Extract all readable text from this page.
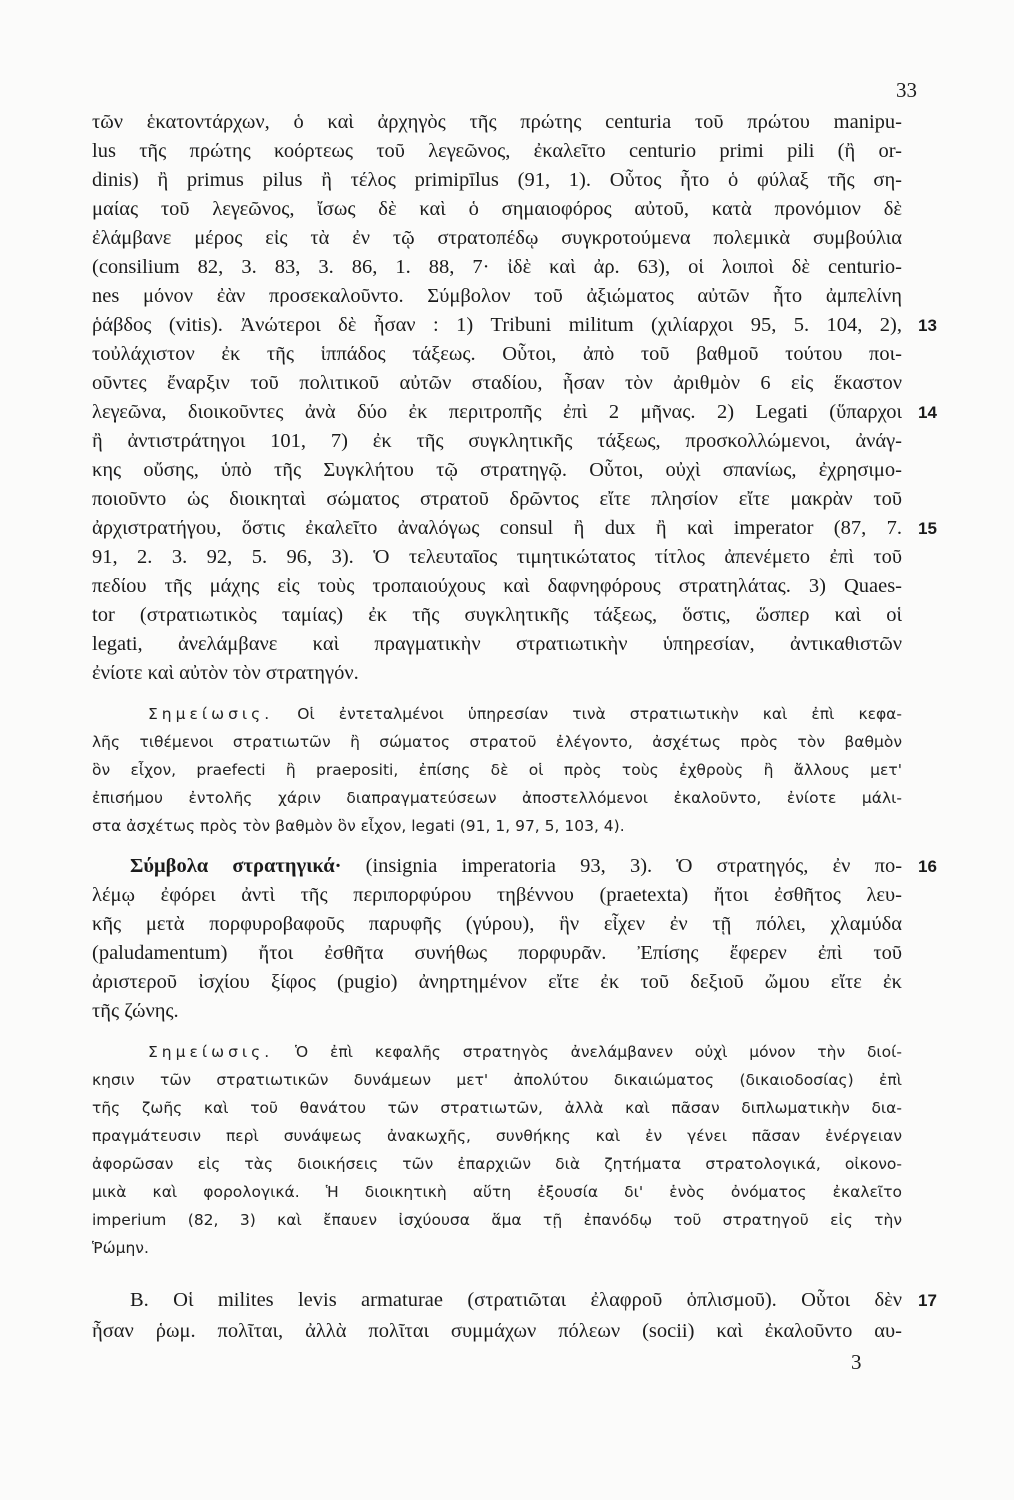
33
τῶν ἑκατοντάρχων, ὁ καὶ ἀρχηγὸς τῆς πρώτης centuria τοῦ πρώτου manipu-
lus τῆς πρώτης κοόρτεως τοῦ λεγεῶνος, ἐκαλεῖτο centurio primi pili (ἢ or-
dinis) ἢ primus pilus ἢ τέλος primipīlus (91, 1). Οὗτος ἦτο ὁ φύλαξ τῆς ση-
μαίας τοῦ λεγεῶνος, ἴσως δὲ καὶ ὁ σημαιοφόρος αὐτοῦ, κατὰ προνόμιον δὲ
ἐλάμβανε μέρος εἰς τὰ ἐν τῷ στρατοπέδῳ συγκροτούμενα πολεμικὰ συμβούλια
(consilium 82, 3. 83, 3. 86, 1. 88, 7· ἰδὲ καὶ ἀρ. 63), οἱ λοιποὶ δὲ centurio-
nes μόνον ἐὰν προσεκαλοῦντο. Σύμβολον τοῦ ἀξιώματος αὐτῶν ἦτο ἀμπελίνη
ῥάβδος (vitis). Ἀνώτεροι δὲ ἦσαν : 1) Tribuni militum (χιλίαρχοι 95, 5. 104, 2), 13
τοὐλάχιστον ἐκ τῆς ἱππάδος τάξεως. Οὗτοι, ἀπὸ τοῦ βαθμοῦ τούτου ποι-
οῦντες ἔναρξιν τοῦ πολιτικοῦ αὐτῶν σταδίου, ἦσαν τὸν ἀριθμὸν 6 εἰς ἕκαστον
λεγεῶνα, διοικοῦντες ἀνὰ δύο ἐκ περιτροπῆς ἐπὶ 2 μῆνας. 2) Legati (ὕπαρχοι 14
ἢ ἀντιστράτηγοι 101, 7) ἐκ τῆς συγκλητικῆς τάξεως, προσκολλώμενοι, ἀνάγ-
κης οὔσης, ὑπὸ τῆς Συγκλήτου τῷ στρατηγῷ. Οὗτοι, οὐχὶ σπανίως, ἐχρησιμο-
ποιοῦντο ὡς διοικηταὶ σώματος στρατοῦ δρῶντος εἴτε πλησίον εἴτε μακρὰν τοῦ
ἀρχιστρατήγου, ὅστις ἐκαλεῖτο ἀναλόγως consul ἢ dux ἢ καὶ imperator (87, 7. 15
91, 2. 3. 92, 5. 96, 3). Ὁ τελευταῖος τιμητικώτατος τίτλος ἀπενέμετο ἐπὶ τοῦ
πεδίου τῆς μάχης εἰς τοὺς τροπαιούχους καὶ δαφνηφόρους στρατηλάτας. 3) Quaes-
tor (στρατιωτικὸς ταμίας) ἐκ τῆς συγκλητικῆς τάξεως, ὅστις, ὥσπερ καὶ οἱ
legati, ἀνελάμβανε καὶ πραγματικὴν στρατιωτικὴν ὑπηρεσίαν, ἀντικαθιστῶν
ἐνίοτε καὶ αὐτὸν τὸν στρατηγόν.
Σημείωσις. Οἱ ἐντεταλμένοι ὑπηρεσίαν τινὰ στρατιωτικὴν καὶ ἐπὶ κεφα-
λῆς τιθέμενοι στρατιωτῶν ἢ σώματος στρατοῦ ἐλέγοντο, ἀσχέτως πρὸς τὸν βαθμὸν
ὃν εἶχον, praefecti ἢ praepositi, ἐπίσης δὲ οἱ πρὸς τοὺς ἐχθροὺς ἢ ἄλλους μετ'
ἐπισήμου ἐντολῆς χάριν διαπραγματεύσεων ἀποστελλόμενοι ἐκαλοῦντο, ἐνίοτε μάλι-
στα ἀσχέτως πρὸς τὸν βαθμὸν ὃν εἶχον, legati (91, 1, 97, 5, 103, 4).
Σύμβολα στρατηγικά· (insignia imperatoria 93, 3). Ὁ στρατηγός, ἐν πο- 16
λέμῳ ἐφόρει ἀντὶ τῆς περιπορφύρου τηβέννου (praetexta) ἤτοι ἐσθῆτος λευ-
κῆς μετὰ πορφυροβαφοῦς παρυφῆς (γύρου), ἣν εἶχεν ἐν τῇ πόλει, χλαμύδα
(paludamentum) ἤτοι ἐσθῆτα συνήθως πορφυρᾶν. Ἐπίσης ἔφερεν ἐπὶ τοῦ
ἀριστεροῦ ἰσχίου ξίφος (pugio) ἀνηρτημένον εἴτε ἐκ τοῦ δεξιοῦ ὤμου εἴτε ἐκ
τῆς ζώνης.
Σημείωσις. Ὁ ἐπὶ κεφαλῆς στρατηγὸς ἀνελάμβανεν οὐχὶ μόνον τὴν διοί-
κησιν τῶν στρατιωτικῶν δυνάμεων μετ' ἀπολύτου δικαιώματος (δικαιοδοσίας) ἐπὶ
τῆς ζωῆς καὶ τοῦ θανάτου τῶν στρατιωτῶν, ἀλλὰ καὶ πᾶσαν διπλωματικὴν δια-
πραγμάτευσιν περὶ συνάψεως ἀνακωχῆς, συνθήκης καὶ ἐν γένει πᾶσαν ἐνέργειαν
ἀφορῶσαν εἰς τὰς διοικήσεις τῶν ἐπαρχιῶν διὰ ζητήματα στρατολογικά, οἰκονο-
μικὰ καὶ φορολογικά. Ἡ διοικητικὴ αὕτη ἐξουσία δι' ἑνὸς ὀνόματος ἐκαλεῖτο
imperium (82, 3) καὶ ἔπαυεν ἰσχύουσα ἅμα τῇ ἐπανόδῳ τοῦ στρατηγοῦ εἰς τὴν
Ῥώμην.
Β. Οἱ milites levis armaturae (στρατιῶται ἐλαφροῦ ὁπλισμοῦ). Οὗτοι δὲν 17
ἦσαν ῥωμ. πολῖται, ἀλλὰ πολῖται συμμάχων πόλεων (socii) καὶ ἐκαλοῦντο αυ-
3
